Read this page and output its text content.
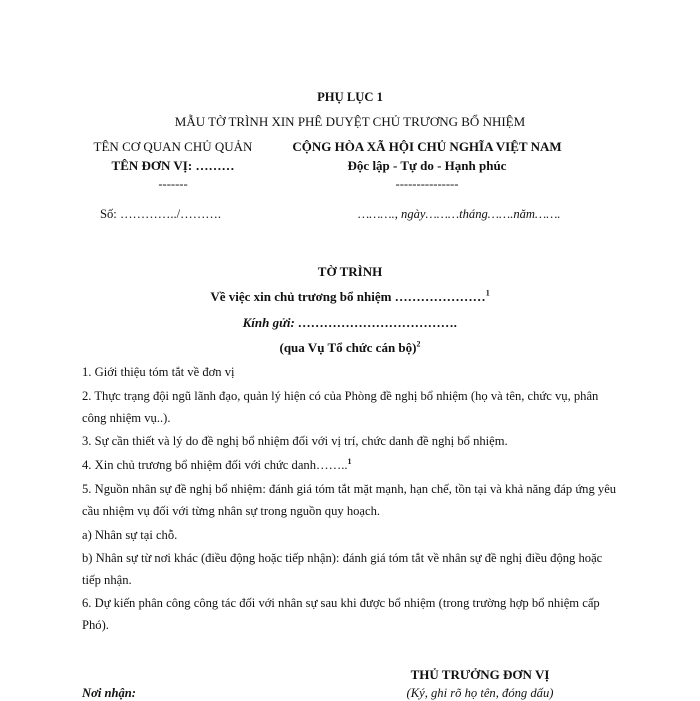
PHỤ LỤC 1
MẪU TỜ TRÌNH XIN PHÊ DUYỆT CHỦ TRƯƠNG BỔ NHIỆM
TÊN CƠ QUAN CHỦ QUẢN
TÊN ĐƠN VỊ: ………
-------
Số: …………../……….
CỘNG HÒA XÃ HỘI CHỦ NGHĨA VIỆT NAM
Độc lập - Tự do - Hạnh phúc
---------------
………., ngày………tháng…….năm…….
TỜ TRÌNH
Về việc xin chủ trương bổ nhiệm …………………$^1$
Kính gửi: ……………………………….
(qua Vụ Tổ chức cán bộ)$^2$
1. Giới thiệu tóm tắt về đơn vị
2. Thực trạng đội ngũ lãnh đạo, quản lý hiện có của Phòng đề nghị bổ nhiệm (họ và tên, chức vụ, phân công nhiệm vụ..).
3. Sự cần thiết và lý do đề nghị bổ nhiệm đối với vị trí, chức danh đề nghị bổ nhiệm.
4. Xin chủ trương bổ nhiệm đối với chức danh……..$^1$
5. Nguồn nhân sự đề nghị bổ nhiệm: đánh giá tóm tắt mặt mạnh, hạn chế, tồn tại và khả năng đáp ứng yêu cầu nhiệm vụ đối với từng nhân sự trong nguồn quy hoạch.
a) Nhân sự tại chỗ.
b) Nhân sự từ nơi khác (điều động hoặc tiếp nhận): đánh giá tóm tắt về nhân sự đề nghị điều động hoặc tiếp nhận.
6. Dự kiến phân công công tác đối với nhân sự sau khi được bổ nhiệm (trong trường hợp bổ nhiệm cấp Phó).
THỦ TRƯỞNG ĐƠN VỊ
Nơi nhận:	(Ký, ghi rõ họ tên, đóng dấu)
